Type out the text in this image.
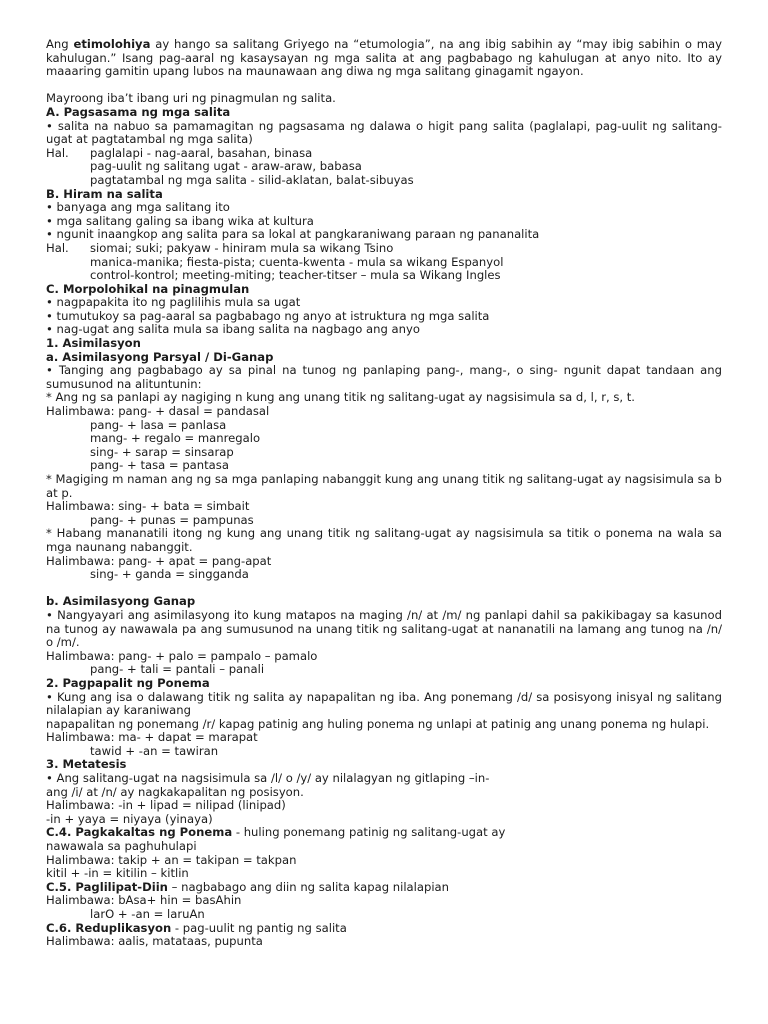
Ang etimolohiya ay hango sa salitang Griyego na “etumologia”, na ang ibig sabihin ay “may ibig sabihin o may kahulugan.” Isang pag-aaral ng kasaysayan ng mga salita at ang pagbabago ng kahulugan at anyo nito. Ito ay maaaring gamitin upang lubos na maunawaan ang diwa ng mga salitang ginagamit ngayon.

Mayroong iba’t ibang uri ng pinagmulan ng salita.

A. Pagsasama ng mga salita

• salita na nabuo sa pamamagitan ng pagsasama ng dalawa o higit pang salita (paglalapi, pag-uulit ng salitang-ugat at pagtatambal ng mga salita)

Hal.	paglalapi - nag-aaral, basahan, binasa

pag-uulit ng salitang ugat - araw-araw, babasa

pagtatambal ng mga salita - silid-aklatan, balat-sibuyas

B. Hiram na salita

• banyaga ang mga salitang ito

• mga salitang galing sa ibang wika at kultura

• ngunit inaangkop ang salita para sa lokal at pangkaraniwang paraan ng pananalita

Hal.	siomai; suki; pakyaw - hiniram mula sa wikang Tsino

manica-manika; fiesta-pista; cuenta-kwenta - mula sa wikang Espanyol

control-kontrol; meeting-miting; teacher-titser – mula sa Wikang Ingles

C. Morpolohikal na pinagmulan

• nagpapakita ito ng paglilihis mula sa ugat

• tumutukoy sa pag-aaral sa pagbabago ng anyo at istruktura ng mga salita

• nag-ugat ang salita mula sa ibang salita na nagbago ang anyo

1. Asimilasyon

a. Asimilasyong Parsyal / Di-Ganap

• Tanging ang pagbabago ay sa pinal na tunog ng panlaping pang-, mang-, o sing- ngunit dapat tandaan ang sumusunod na alituntunin:

* Ang ng sa panlapi ay nagiging n kung ang unang titik ng salitang-ugat ay nagsisimula sa d, l, r, s, t.

Halimbawa: pang- + dasal = pandasal

pang- + lasa = panlasa

mang- + regalo = manregalo

sing- + sarap = sinsarap

pang- + tasa = pantasa

* Magiging m naman ang ng sa mga panlaping nabanggit kung ang unang titik ng salitang-ugat ay nagsisimula sa b at p.

Halimbawa: sing- + bata = simbait

pang- + punas = pampunas

* Habang mananatili itong ng kung ang unang titik ng salitang-ugat ay nagsisimula sa titik o ponema na wala sa mga naunang nabanggit.

Halimbawa: pang- + apat = pang-apat

sing- + ganda = singganda

b. Asimilasyong Ganap

• Nangyayari ang asimilasyong ito kung matapos na maging /n/ at /m/ ng panlapi dahil sa pakikibagay sa kasunod na tunog ay nawawala pa ang sumusunod na unang titik ng salitang-ugat at nananatili na lamang ang tunog na /n/ o /m/.

Halimbawa: pang- + palo = pampalo – pamalo

pang- + tali = pantali – panali

2. Pagpapalit ng Ponema

• Kung ang isa o dalawang titik ng salita ay napapalitan ng iba. Ang ponemang /d/ sa posisyong inisyal ng salitang nilalapian ay karaniwang

napapalitan ng ponemang /r/ kapag patinig ang huling ponema ng unlapi at patinig ang unang ponema ng hulapi.

Halimbawa: ma- + dapat = marapat

tawid + -an = tawiran

3. Metatesis

• Ang salitang-ugat na nagsisimula sa /l/ o /y/ ay nilalagyan ng gitlaping –in-

ang /i/ at /n/ ay nagkakapalitan ng posisyon.

Halimbawa: -in + lipad = nilipad (linipad)

-in + yaya = niyaya (yinaya)

C.4. Pagkakaltas ng Ponema - huling ponemang patinig ng salitang-ugat ay

nawawala sa paghuhulapi

Halimbawa: takip + an = takipan = takpan

kitil + -in = kitilin – kitlin

C.5. Paglilipat-Diin – nagbabago ang diin ng salita kapag nilalapian

Halimbawa: bAsa+ hin = basAhin

larO + -an = laruAn

C.6. Reduplikasyon - pag-uulit ng pantig ng salita

Halimbawa: aalis, matataas, pupunta
